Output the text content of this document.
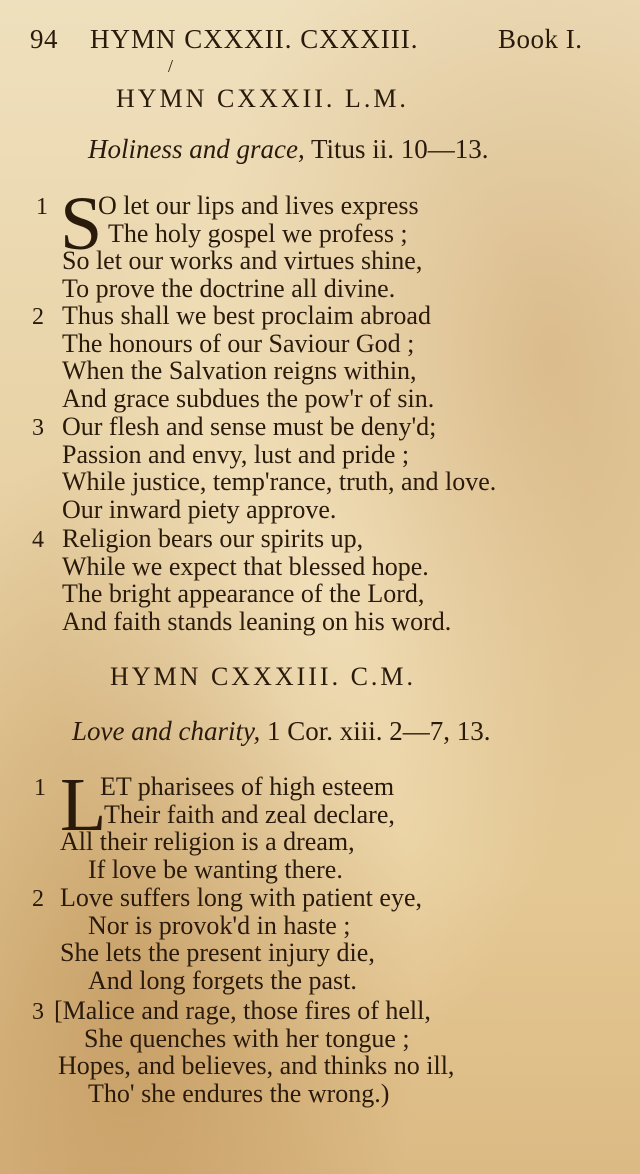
94 HYMN CXXXII. CXXXIII.	Book I.
/
HYMN CXXXII. L.M.
Holiness and grace, Titus ii. 10—13.
1 S
O let our lips and lives express
The holy gospel we profess ;
So let our works and virtues shine,
To prove the doctrine all divine.
2 Thus shall we best proclaim abroad
The honours of our Saviour God ;
When the Salvation reigns within,
And grace subdues the pow'r of sin.
3 Our flesh and sense must be deny'd;
Passion and envy, lust and pride ;
While justice, temp'rance, truth, and love.
Our inward piety approve.
4 Religion bears our spirits up,
While we expect that blessed hope.
The bright appearance of the Lord,
And faith stands leaning on his word.
HYMN CXXXIII. C.M.
Love and charity, 1 Cor. xiii. 2—7, 13.
1 L
ET pharisees of high esteem
Their faith and zeal declare,
All their religion is a dream,
If love be wanting there.
2 Love suffers long with patient eye,
Nor is provok'd in haste ;
She lets the present injury die,
And long forgets the past.
3 [Malice and rage, those fires of hell,
She quenches with her tongue ;
Hopes, and believes, and thinks no ill,
Tho' she endures the wrong.)
